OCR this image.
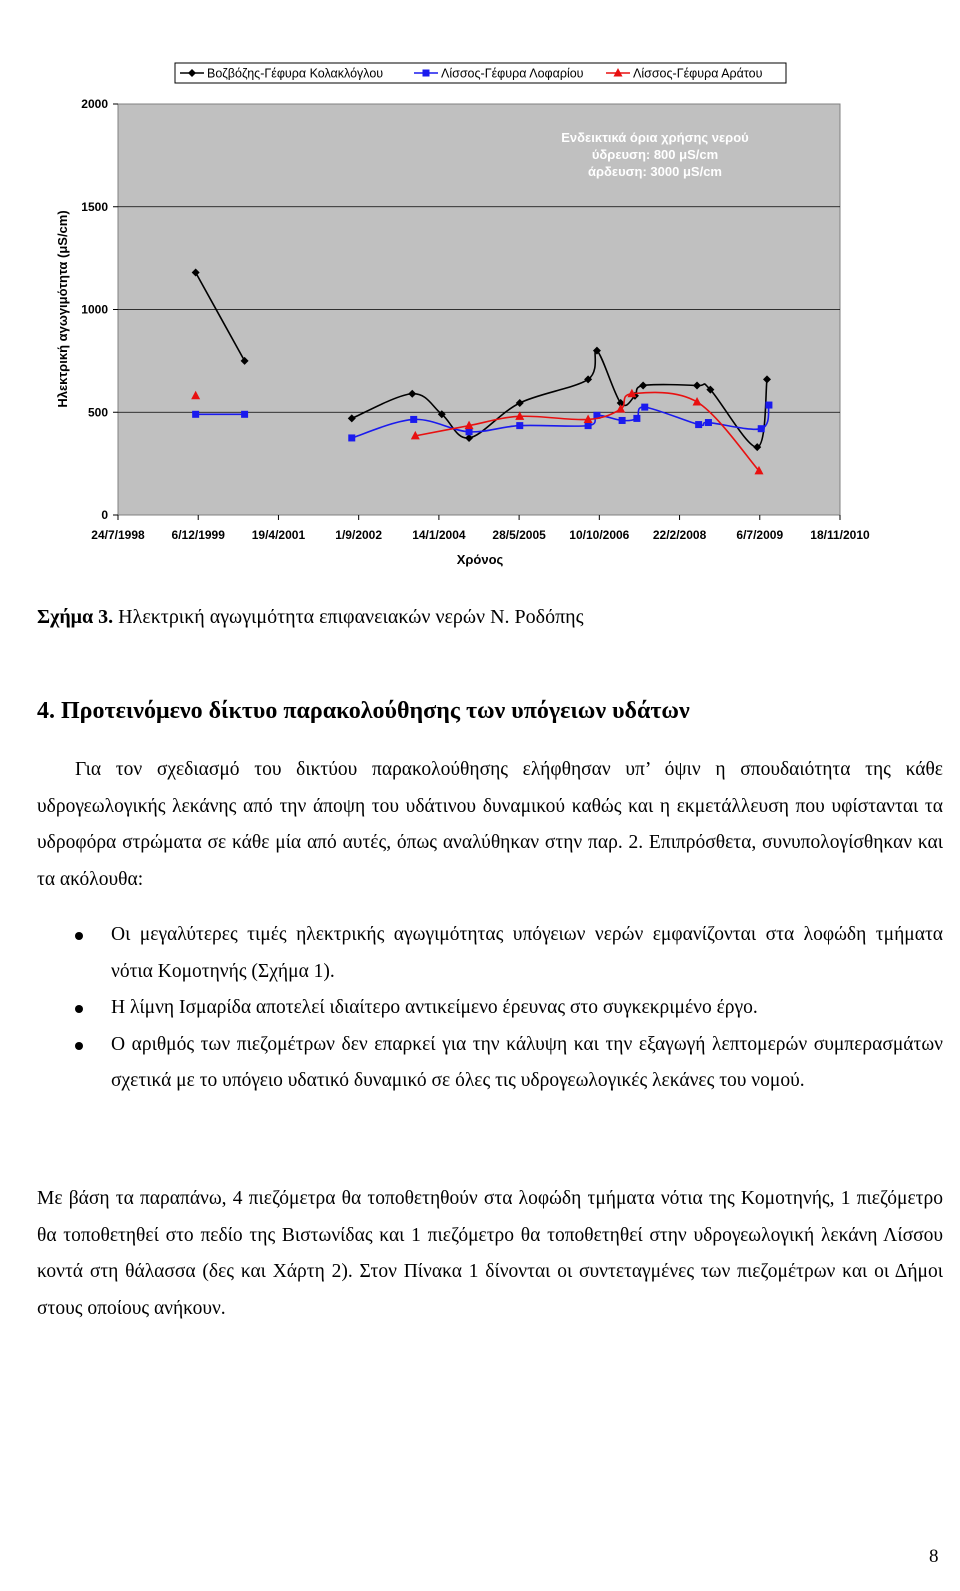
0
500
1000
1500
2000
24/7/1998 6/12/1999 19/4/2001	1/9/2002	14/1/2004 28/5/2005 10/10/2006 22/2/2008	6/7/2009 18/11/2010
Χρόνος
Ηλεκτρική αγωγιμότητα (μS/cm)
Ενδεικτικά όρια χρήσης νερού
ύδρευση: 800 μS/cm
άρδευση: 3000 μS/cm
Βοζβόζης-Γέφυρα Κολακλόγλου	Λίσσος-Γέφυρα Λοφαρίου	Λίσσος-Γέφυρα Αράτου
Σχήμα 3. Ηλεκτρική αγωγιμότητα επιφανειακών νερών Ν. Ροδόπης
4. Προτεινόμενο δίκτυο παρακολούθησης των υπόγειων υδάτων
Για τον σχεδιασμό του δικτύου παρακολούθησης ελήφθησαν υπ’ όψιν η σπουδαιότητα της κάθε υδρογεωλογικής λεκάνης από την άποψη του υδάτινου δυναμικού καθώς και η εκμετάλλευση που υφίστανται τα υδροφόρα στρώματα σε κάθε μία από αυτές, όπως αναλύθηκαν στην παρ. 2. Επιπρόσθετα, συνυπολογίσθηκαν και τα ακόλουθα:
Οι μεγαλύτερες τιμές ηλεκτρικής αγωγιμότητας υπόγειων νερών εμφανίζονται στα λοφώδη τμήματα νότια Κομοτηνής (Σχήμα 1).
Η λίμνη Ισμαρίδα αποτελεί ιδιαίτερο αντικείμενο έρευνας στο συγκεκριμένο έργο.
Ο αριθμός των πιεζομέτρων δεν επαρκεί για την κάλυψη και την εξαγωγή λεπτομερών συμπερασμάτων σχετικά με το υπόγειο υδατικό δυναμικό σε όλες τις υδρογεωλογικές λεκάνες του νομού.
Με βάση τα παραπάνω, 4 πιεζόμετρα θα τοποθετηθούν στα λοφώδη τμήματα νότια της Κομοτηνής, 1 πιεζόμετρο θα τοποθετηθεί στο πεδίο της Βιστωνίδας και 1 πιεζόμετρο θα τοποθετηθεί στην υδρογεωλογική λεκάνη Λίσσου κοντά στη θάλασσα (δες και Χάρτη 2). Στον Πίνακα 1 δίνονται οι συντεταγμένες των πιεζομέτρων και οι Δήμοι στους οποίους ανήκουν.
8
